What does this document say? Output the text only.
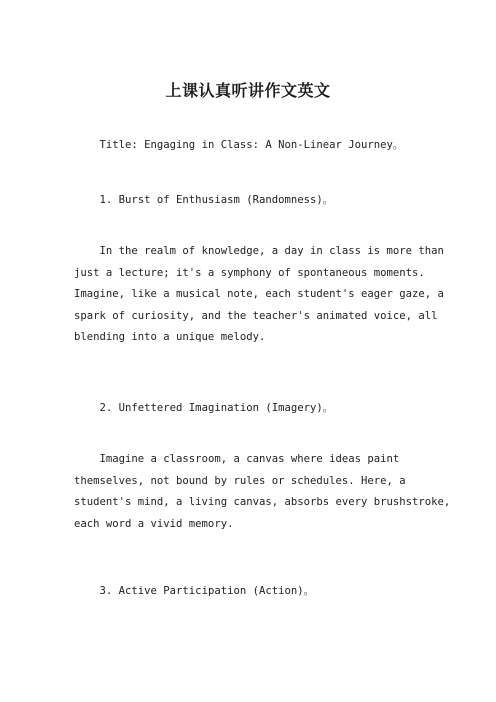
上课认真听讲作文英文

Title: Engaging in Class: A Non-Linear Journey。

1. Burst of Enthusiasm (Randomness)。

In the realm of knowledge, a day in class is more than
just a lecture; it's a symphony of spontaneous moments.
Imagine, like a musical note, each student's eager gaze, a
spark of curiosity, and the teacher's animated voice, all
blending into a unique melody.

2. Unfettered Imagination (Imagery)。

Imagine a classroom, a canvas where ideas paint
themselves, not bound by rules or schedules. Here, a
student's mind, a living canvas, absorbs every brushstroke,
each word a vivid memory.

3. Active Participation (Action)。
